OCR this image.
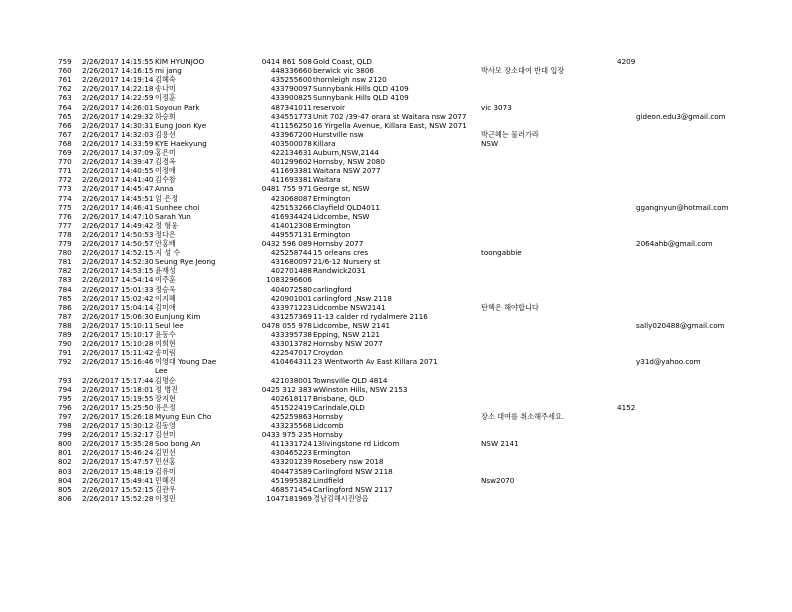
759	2/26/2017 14:15:55 KIM HYUNJOO	0414 861 508 Gold Coast, QLD	4209
760	2/26/2017 14:16:15 mi jang	448336660 berwick vic 3806	박사모 장소대여 반대 입장
761	2/26/2017 14:19:14 김혜숙	435255600 thornleigh nsw 2120
762	2/26/2017 14:22:18 송나미	433790097 Sunnybank Hills QLD 4109
763	2/26/2017 14:22:59 이정훈	433900825 Sunnybank Hills QLD 4109
764	2/26/2017 14:26:01 Soyoun Park	487341011 reservoir	vic 3073
765	2/26/2017 14:29:32 하승희	434551773 Unit 702 /39-47 orara st Waitara nsw 2077	gideon.edu3@gmail.com
766	2/26/2017 14:30:31 Eung Joon Kye	411156250 16 Yirgella Avenue, Killara East, NSW 2071
767	2/26/2017 14:32:03 김용선	433967200 Hurstville nsw	박근혜는 물러가라
768	2/26/2017 14:33:59 KYE Haekyung	403500078 Killara	NSW
769	2/26/2017 14:37:09 홍은미	422134631 Auburn,NSW,2144
770	2/26/2017 14:39:47 김경옥	401299602 Hornsby, NSW 2080
771	2/26/2017 14:40:55 이정애	411693381 Waitara NSW 2077
772	2/26/2017 14:41:40 김수참	411693381 Waitara
773	2/26/2017 14:45:47 Anna	0481 755 971 George st, NSW
774	2/26/2017 14:45:51 임 은정	423068087 Ermington
775	2/26/2017 14:46:41 Sunhee choi	425153266 Clayfield QLD4011	ggangnyun@hotmail.com
776	2/26/2017 14:47:10 Sarah Yun	416934424 Lidcombe, NSW
777	2/26/2017 14:49:42 정 형웅	414012308 Ermington
778	2/26/2017 14:50:53 정다은	449557131 Ermington
779	2/26/2017 14:50:57 안홍배	0432 596 089 Hornsby 2077	2064ahb@gmail.com
780	2/26/2017 14:52:15 지 성 수	425258744 15 orleans cres	toongabbie
781	2/26/2017 14:52:30 Seung Rye Jeong	431680097 21/6-12 Nursery st
782	2/26/2017 14:53:15 윤재성	402701488 Randwick2031
783	2/26/2017 14:54:14 이주훈	1083296606
784	2/26/2017 15:01:33 정승욱	404072580 carlingford
785	2/26/2017 15:02:42 이지혜	420901001 carlingford ,Nsw 2118
786	2/26/2017 15:04:14 김미애	433971223 Lidcombe NSW2141	탄핵은 해야합니다
787	2/26/2017 15:06:30 Eunjung Kim	431257369 11-13 calder rd rydalmere 2116
788	2/26/2017 15:10:11 Seul lee	0478 055 978 Lidcombe, NSW 2141	sally020488@gmail.com
789	2/26/2017 15:10:17 윤동수	433395738 Epping, NSW 2121
790	2/26/2017 15:10:28 이희현	433013782 Hornsby NSW 2077
791	2/26/2017 15:11:42 송미림	422547017 Croydon
792	2/26/2017 15:16:46 이영대 Young Dae	410464311 23 Wentworth Av East Killara 2071	y31d@yahoo.com
Lee
793	2/26/2017 15:17:44 김명순	421038001 Townsville QLD 4814
794	2/26/2017 15:18:01 정 병진	0425 312 383 wWinston Hills, NSW 2153
795	2/26/2017 15:19:55 장지현	402618117 Brisbane, QLD
796	2/26/2017 15:25:50 유은정	451522419 Carindale,QLD	4152
797	2/26/2017 15:26:18 Myung Eun Cho	425259863 Hornsby	장소 대여를 취소해주세요.
798	2/26/2017 15:30:12 김동영	433235568 Lidcomb
799	2/26/2017 15:32:17 김선미	0433 975 235 Hornsby
800	2/26/2017 15:35:28 Soo bong An	411331724 13livingstone rd Lidcom	NSW 2141
801	2/26/2017 15:46:24 김민선	430465223 Ermington
802	2/26/2017 15:47:57 민선홍	433201239 Rosebery nsw 2018
803	2/26/2017 15:48:19 김유미	404473589 Carlingford NSW 2118
804	2/26/2017 15:49:41 민혜진	451995382 Lindfield	Nsw2070
805	2/26/2017 15:52:15 김관우	468571454 Carlingford NSW 2117
806	2/26/2017 15:52:28 이정민	1047181969 경남김해시진영읍
